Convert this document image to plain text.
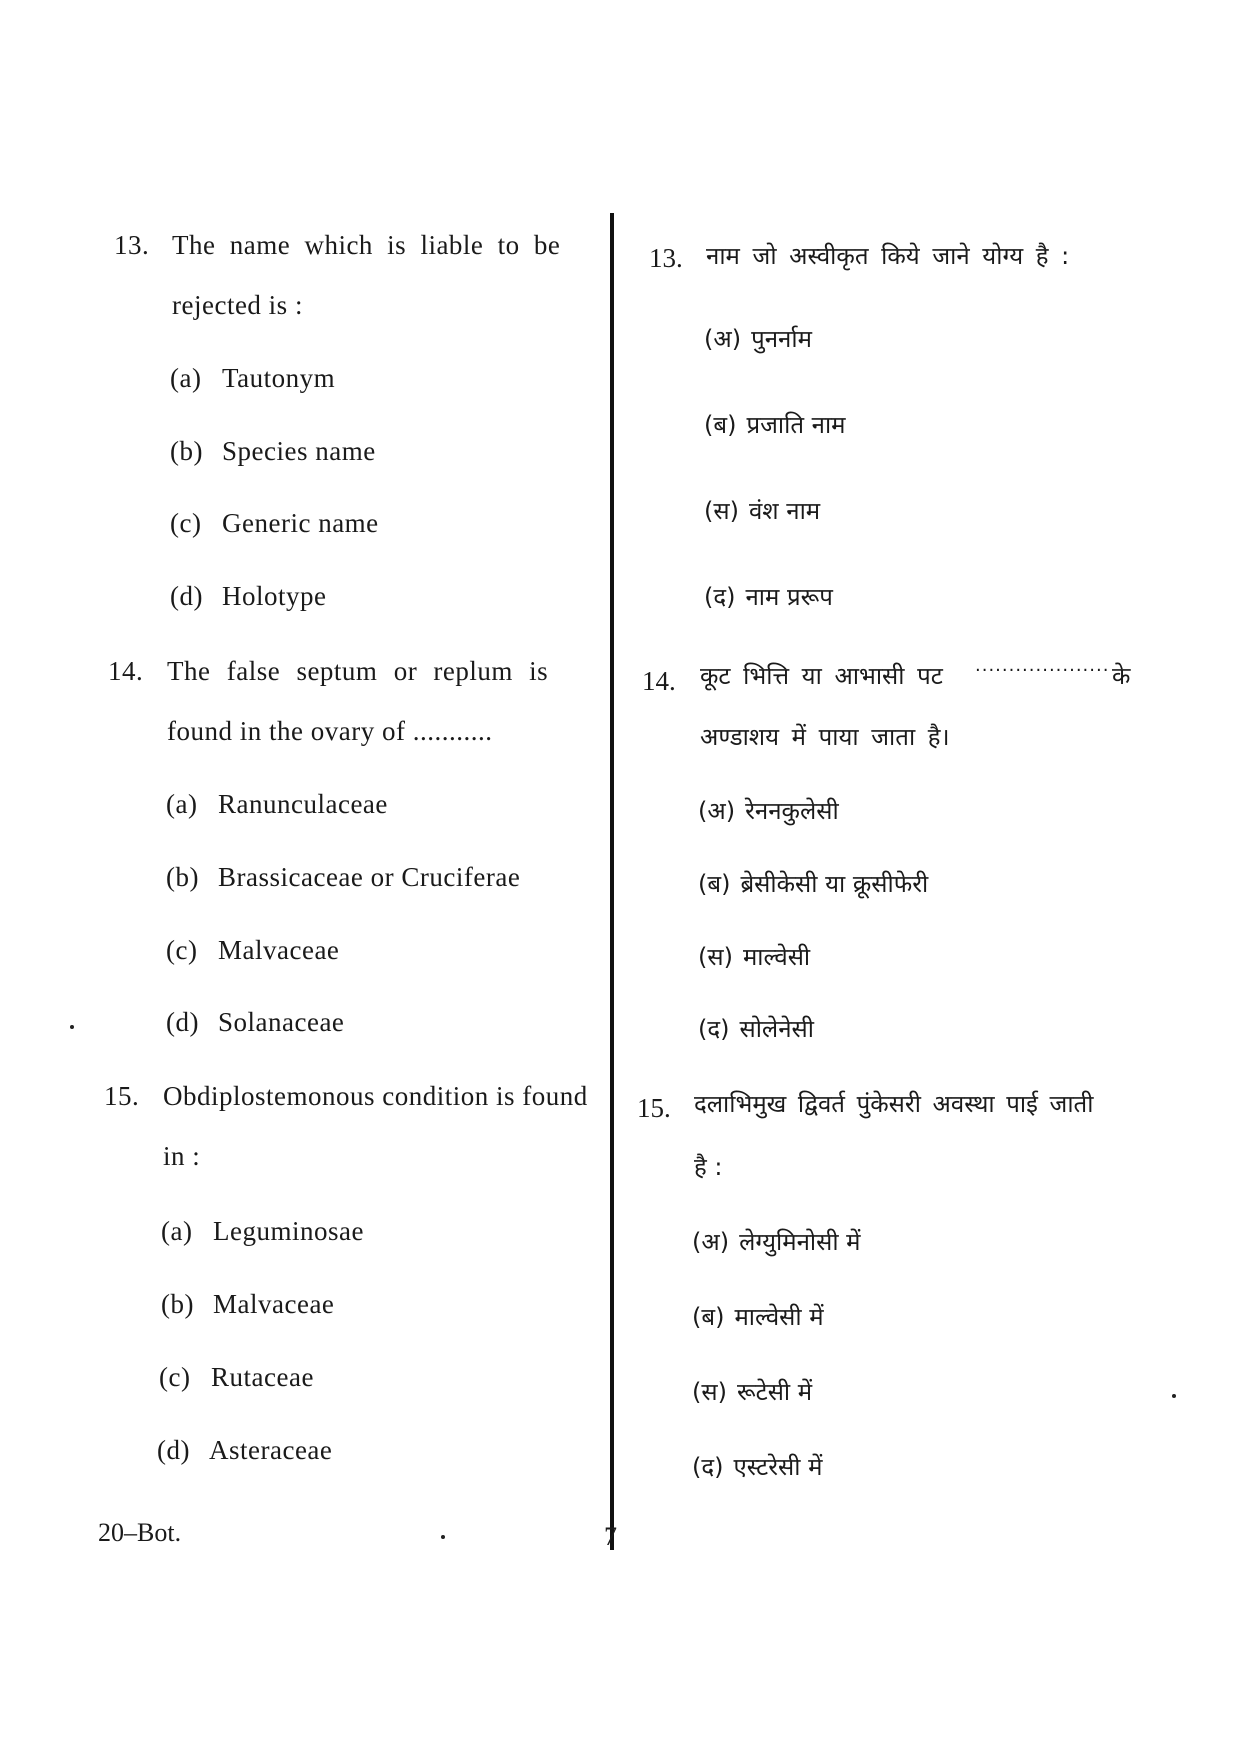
13. The name which is liable to be
rejected is :
(a) Tautonym
(b) Species name
(c) Generic name
(d) Holotype
14. The false septum or replum is
found in the ovary of ...........
(a) Ranunculaceae
(b) Brassicaceae or Cruciferae
(c) Malvaceae
(d) Solanaceae
15. Obdiplostemonous condition is found
in :
(a) Leguminosae
(b) Malvaceae
(c) Rutaceae
(d) Asteraceae
13. नाम जो अस्वीकृत किये जाने योग्य है :
(अ) पुनर्नाम
(ब) प्रजाति नाम
(स) वंश नाम
(द) नाम प्ररूप
14. कूट भित्ति या आभासी पट .................... के
अण्डाशय में पाया जाता है।
(अ) रेननकुलेसी
(ब) ब्रेसीकेसी या क्रूसीफेरी
(स) माल्वेसी
(द) सोलेनेसी
15. दलाभिमुख द्विवर्त पुंकेसरी अवस्था पाई जाती
है :
(अ) लेग्युमिनोसी में
(ब) माल्वेसी में
(स) रूटेसी में
(द) एस्टरेसी में
20–Bot.	7
